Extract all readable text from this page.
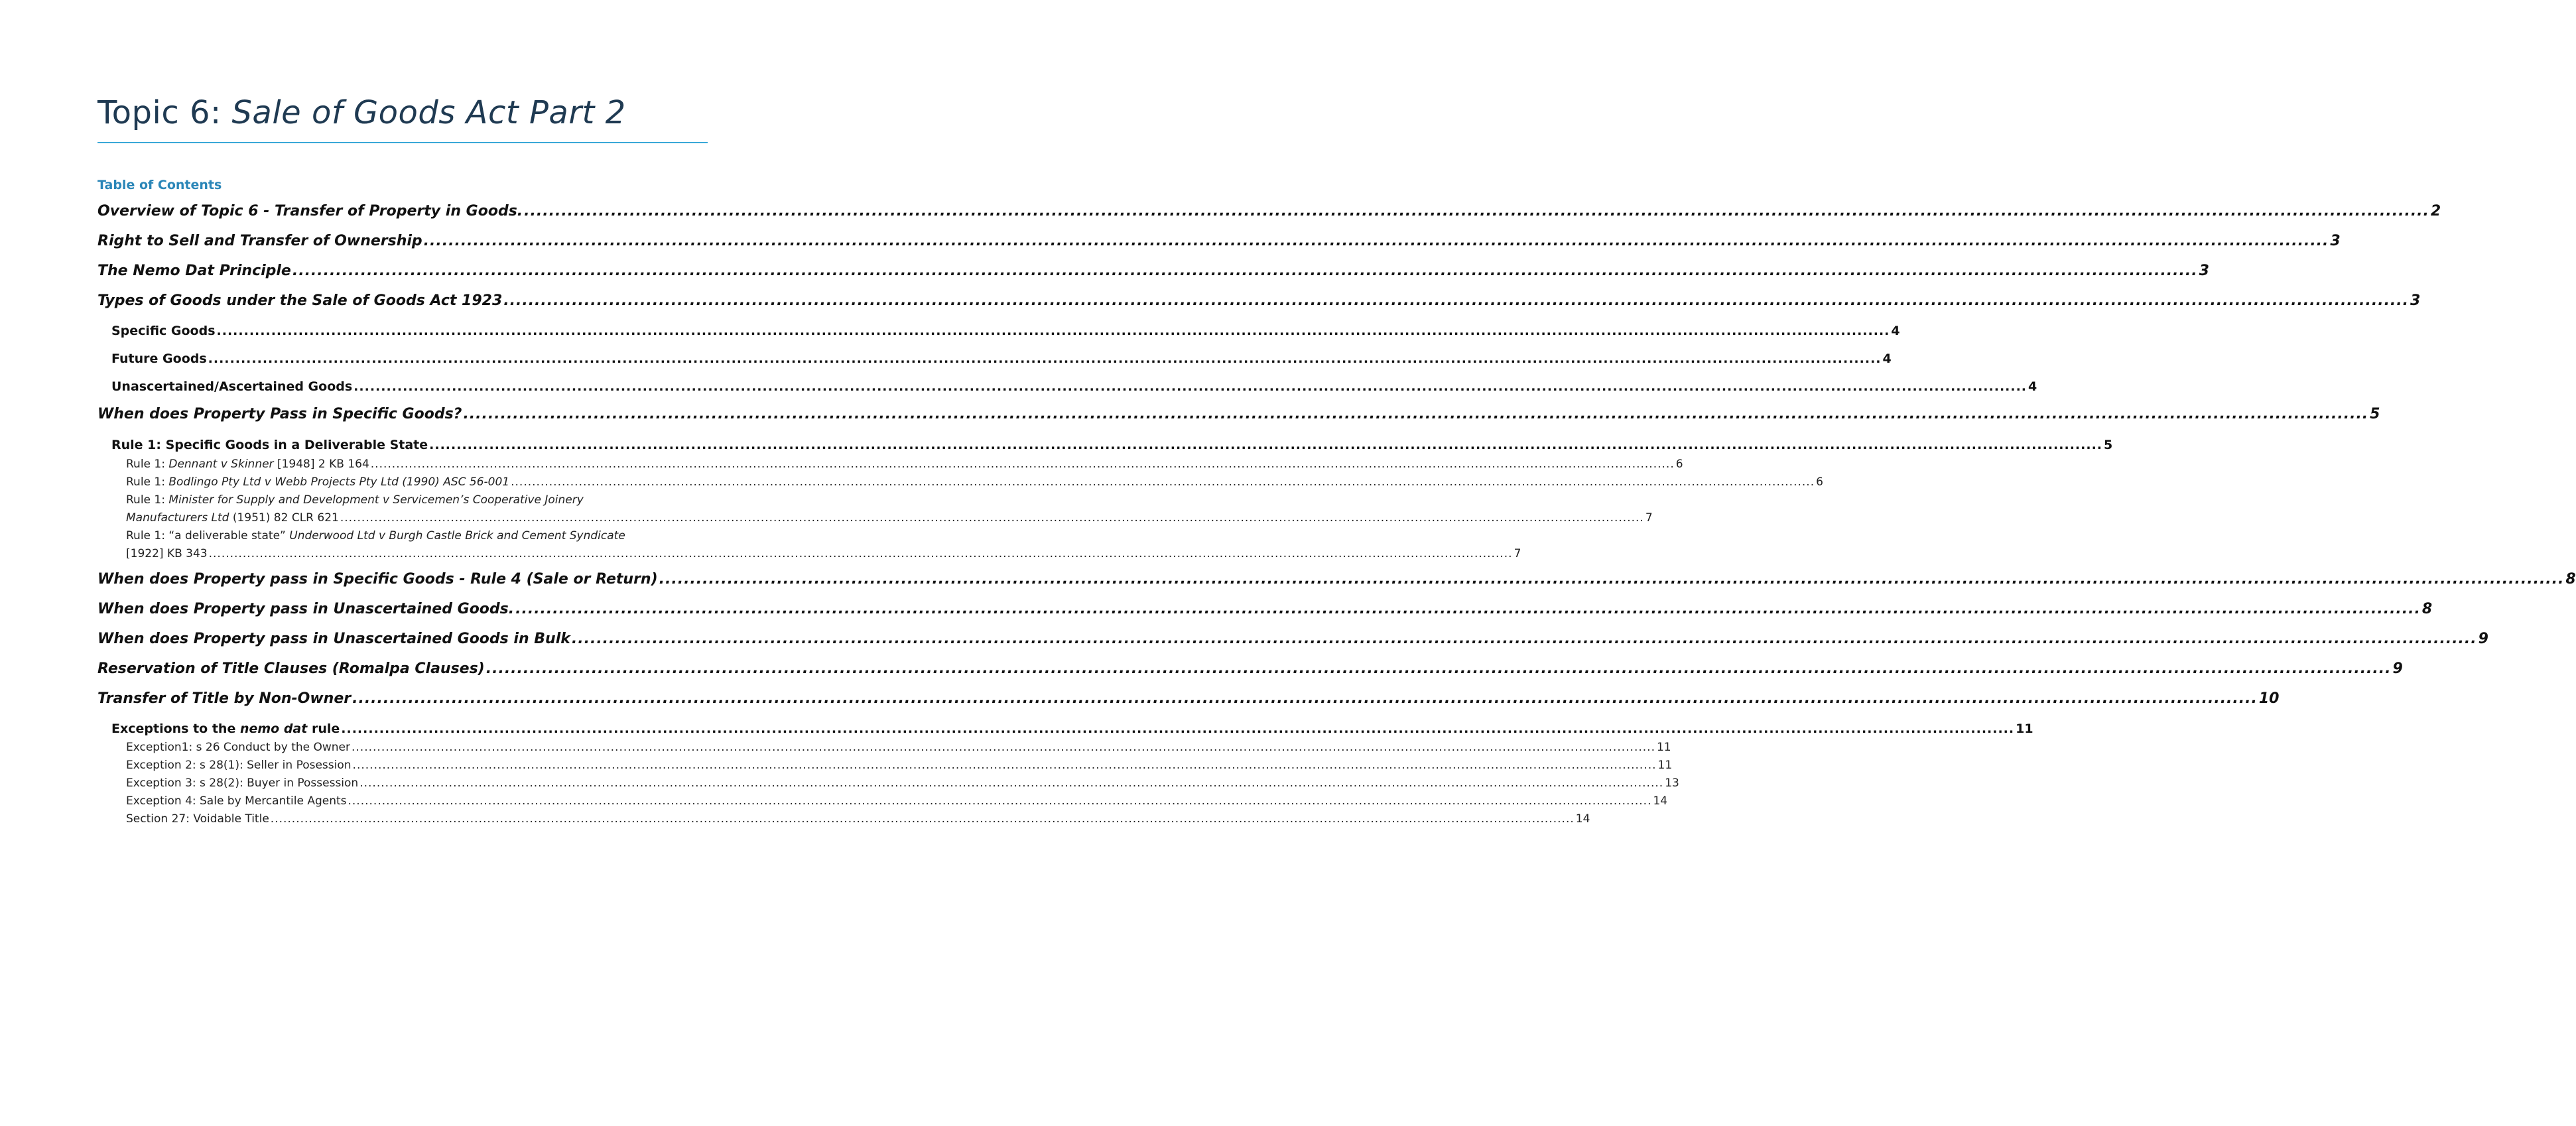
Topic 6: Sale of Goods Act Part 2
Table of Contents
Overview of Topic 6 - Transfer of Property in Goods. .....	2
Right to Sell and Transfer of Ownership .....	3
The Nemo Dat Principle .....	3
Types of Goods under the Sale of Goods Act 1923 .....	3
Specific Goods .....	4
Future Goods .....	4
Unascertained/Ascertained Goods .....	4
When does Property Pass in Specific Goods? .....	5
Rule 1: Specific Goods in a Deliverable State .....	5
Rule 1: Dennant v Skinner [1948] 2 KB 164 .....	6
Rule 1: Bodlingo Pty Ltd v Webb Projects Pty Ltd (1990) ASC 56-001 .....	6
Rule 1: Minister for Supply and Development v Servicemen’s Cooperative Joinery
Manufacturers Ltd (1951) 82 CLR 621 .....	7
Rule 1: “a deliverable state” Underwood Ltd v Burgh Castle Brick and Cement Syndicate
[1922] KB 343 .....	7
When does Property pass in Specific Goods - Rule 4 (Sale or Return) .....	8
When does Property pass in Unascertained Goods. .....	8
When does Property pass in Unascertained Goods in Bulk .....	9
Reservation of Title Clauses (Romalpa Clauses) .....	9
Transfer of Title by Non-Owner .....	10
Exceptions to the nemo dat rule .....	11
Exception1: s 26 Conduct by the Owner .....	11
Exception 2: s 28(1): Seller in Posession .....	11
Exception 3: s 28(2): Buyer in Possession .....	13
Exception 4: Sale by Mercantile Agents .....	14
Section 27: Voidable Title .....	14
